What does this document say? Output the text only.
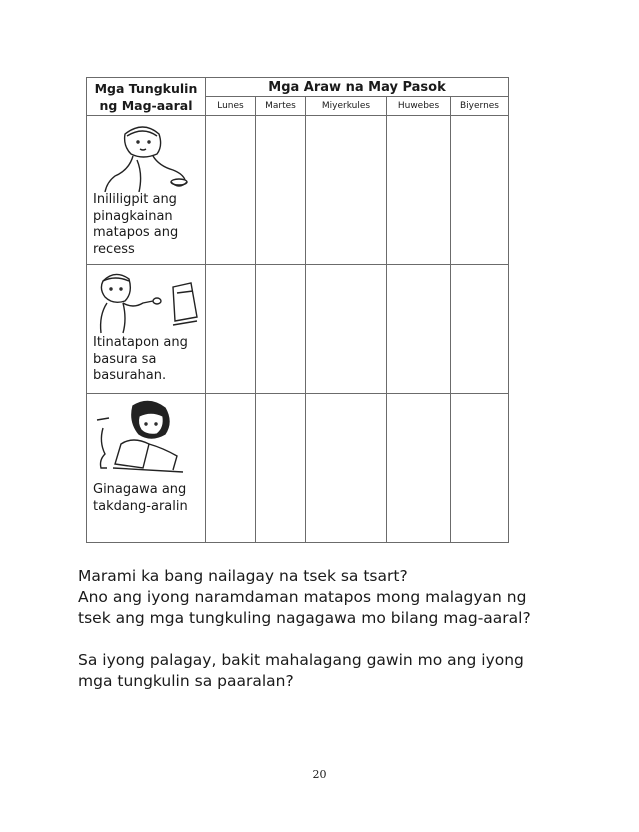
Mga Tungkulin ng Mag-aaral	Mga Araw na May Pasok				
	Lunes	Martes	Miyerkules	Huwebes	Biyernes

Inililigpit ang pinagkainan matapos ang recess					

Itinatapon ang basura sa basurahan.					

Ginagawa ang takdang-aralin					

Marami ka bang nailagay na tsek sa tsart?

Ano ang iyong naramdaman matapos mong malagyan ng tsek ang mga tungkuling nagagawa mo bilang mag-aaral?

Sa iyong palagay, bakit mahalagang gawin mo ang iyong mga tungkulin sa paaralan?

20
